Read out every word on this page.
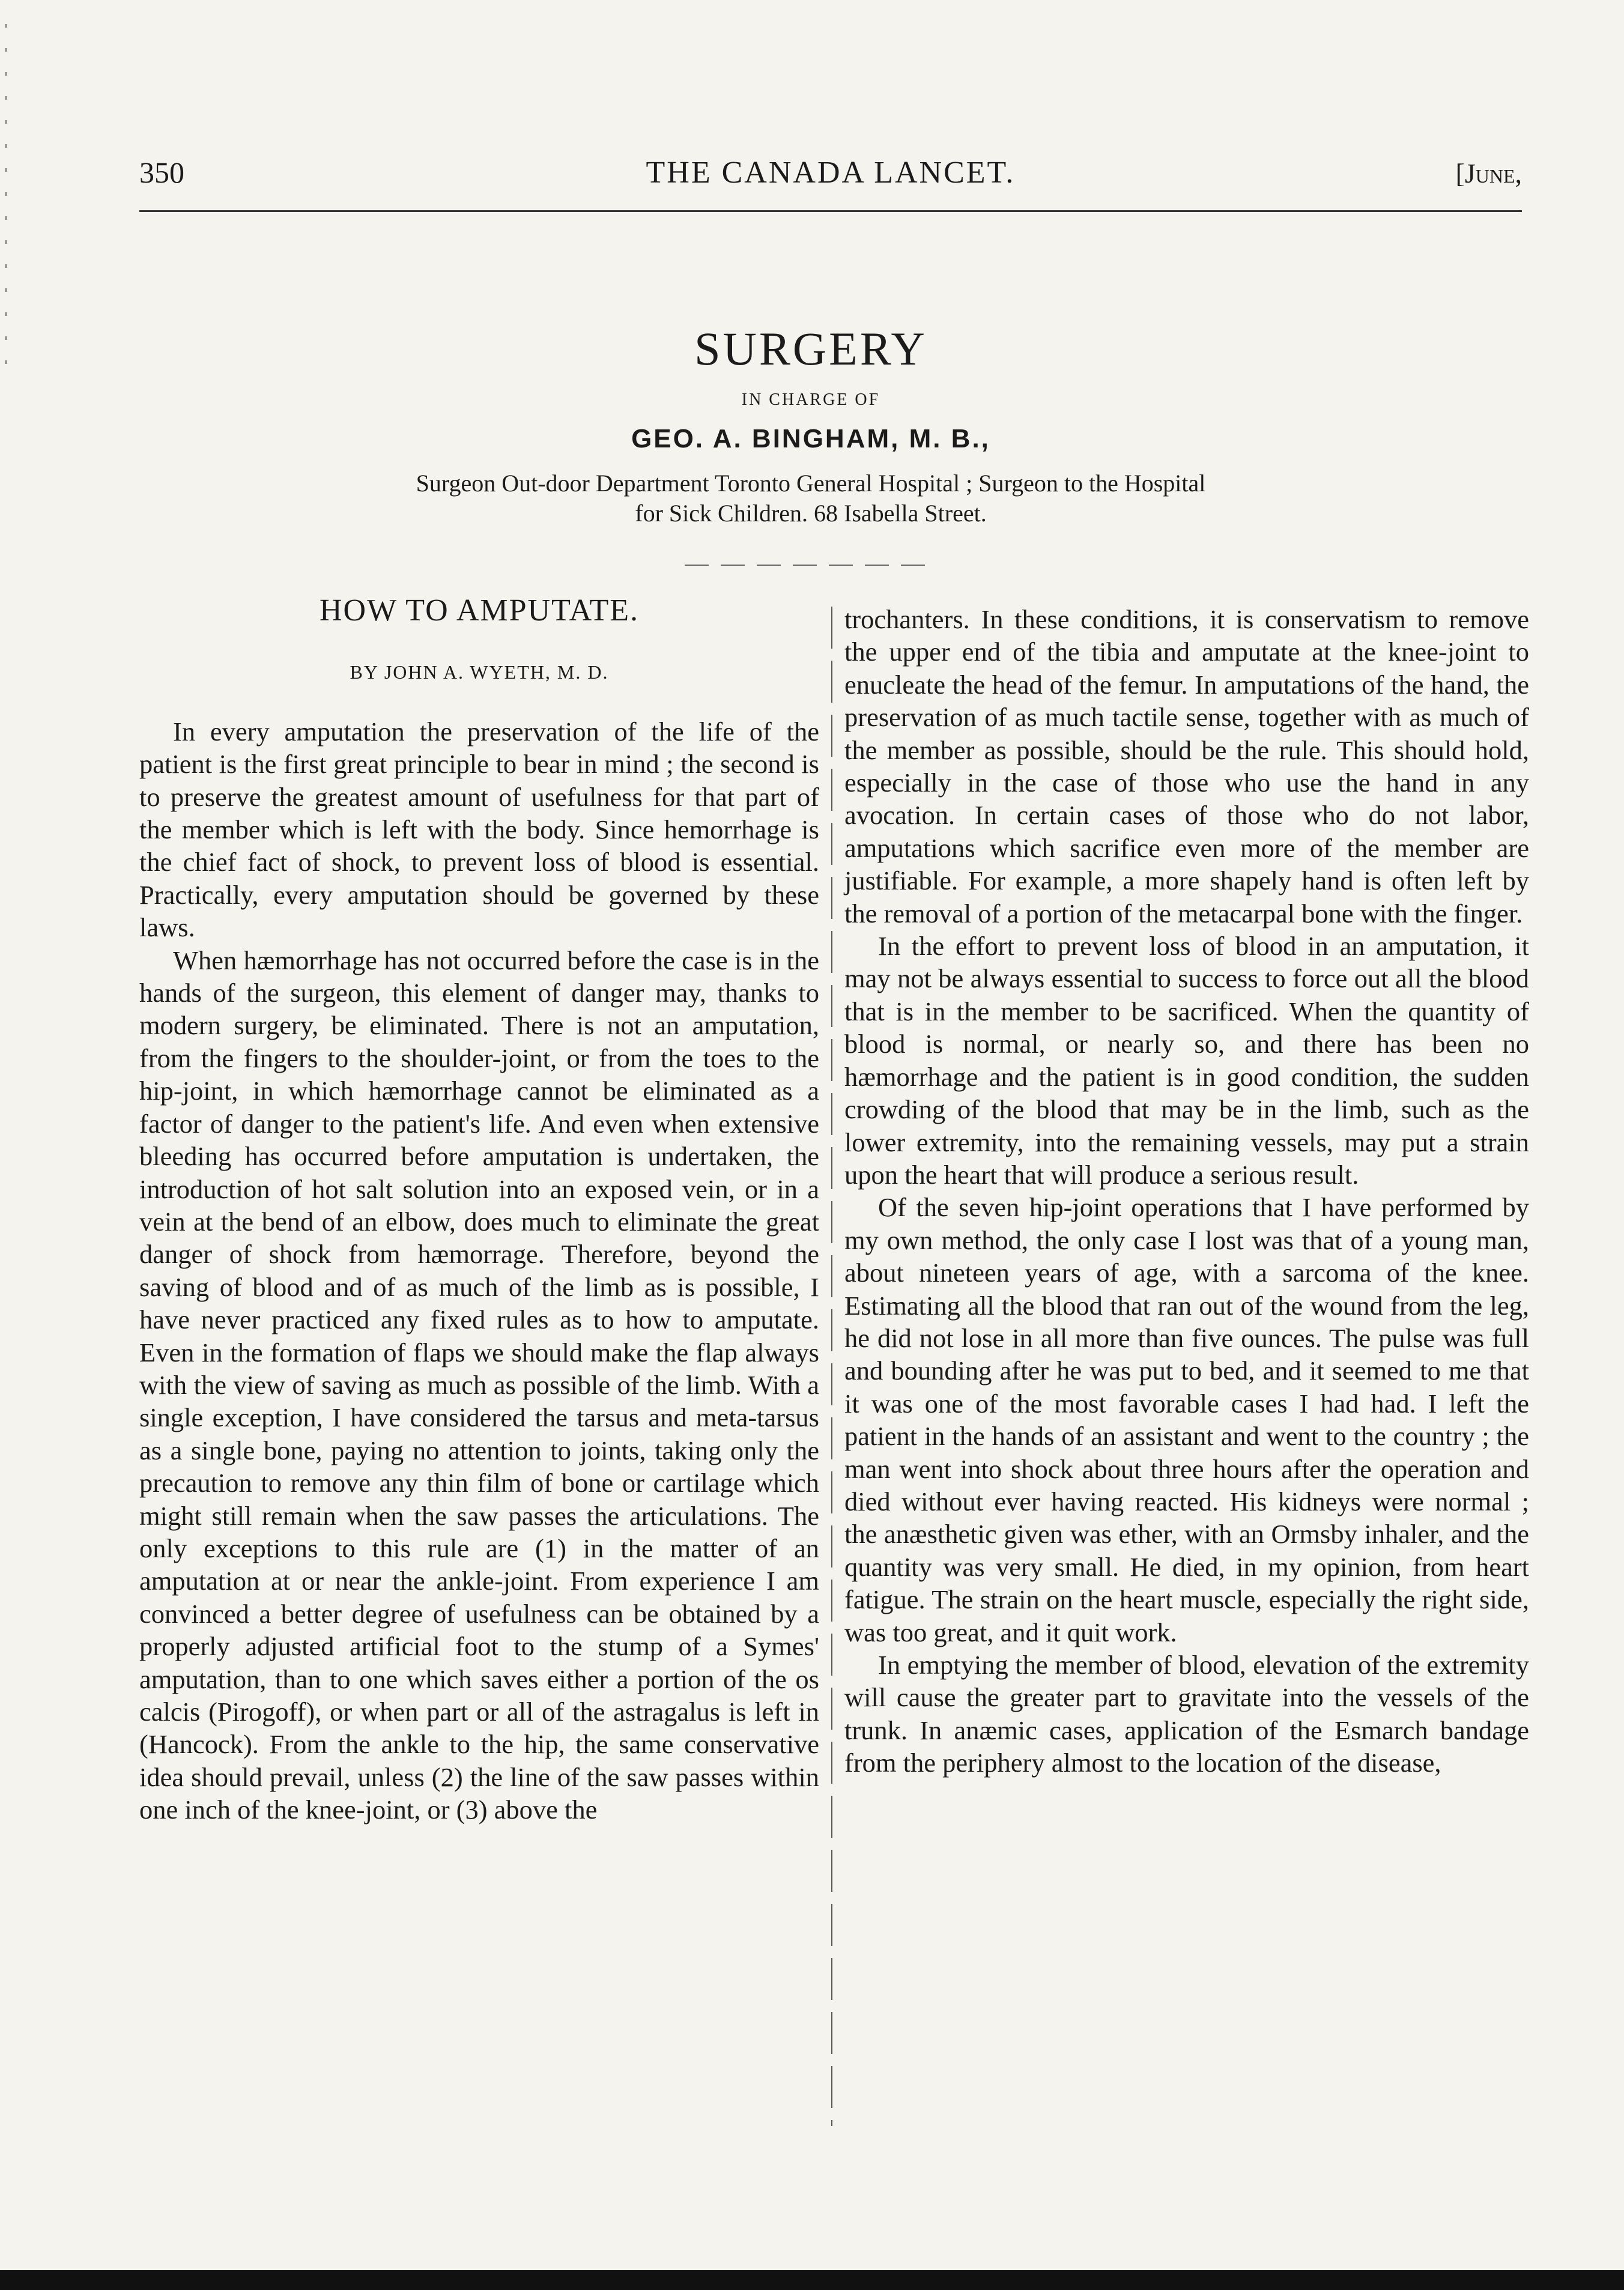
350	THE CANADA LANCET.	[June,
SURGERY
IN CHARGE OF
GEO. A. BINGHAM, M. B.,
Surgeon Out-door Department Toronto General Hospital ; Surgeon to the Hospital
for Sick Children. 68 Isabella Street.
HOW TO AMPUTATE.
BY JOHN A. WYETH, M. D.

In every amputation the preservation of the life of the patient is the first great principle to bear in mind ; the second is to preserve the greatest amount of usefulness for that part of the member which is left with the body. Since hemorrhage is the chief fact of shock, to prevent loss of blood is essential. Practically, every amputation should be governed by these laws.

When hæmorrhage has not occurred before the case is in the hands of the surgeon, this element of danger may, thanks to modern surgery, be eliminated. There is not an amputation, from the fingers to the shoulder-joint, or from the toes to the hip-joint, in which hæmorrhage cannot be eliminated as a factor of danger to the patient's life. And even when extensive bleeding has occurred before amputation is undertaken, the introduction of hot salt solution into an exposed vein, or in a vein at the bend of an elbow, does much to eliminate the great danger of shock from hæmorrage. Therefore, beyond the saving of blood and of as much of the limb as is possible, I have never practiced any fixed rules as to how to amputate. Even in the formation of flaps we should make the flap always with the view of saving as much as possible of the limb. With a single exception, I have considered the tarsus and meta-tarsus as a single bone, paying no attention to joints, taking only the precaution to remove any thin film of bone or cartilage which might still remain when the saw passes the articulations. The only exceptions to this rule are (1) in the matter of an amputation at or near the ankle-joint. From experience I am convinced a better degree of usefulness can be obtained by a properly adjusted artificial foot to the stump of a Symes' amputation, than to one which saves either a portion of the os calcis (Pirogoff), or when part or all of the astragalus is left in (Hancock). From the ankle to the hip, the same conservative idea should prevail, unless (2) the line of the saw passes within one inch of the knee-joint, or (3) above the

trochanters. In these conditions, it is conservatism to remove the upper end of the tibia and amputate at the knee-joint to enucleate the head of the femur. In amputations of the hand, the preservation of as much tactile sense, together with as much of the member as possible, should be the rule. This should hold, especially in the case of those who use the hand in any avocation. In certain cases of those who do not labor, amputations which sacrifice even more of the member are justifiable. For example, a more shapely hand is often left by the removal of a portion of the metacarpal bone with the finger.

In the effort to prevent loss of blood in an amputation, it may not be always essential to success to force out all the blood that is in the member to be sacrificed. When the quantity of blood is normal, or nearly so, and there has been no hæmorrhage and the patient is in good condition, the sudden crowding of the blood that may be in the limb, such as the lower extremity, into the remaining vessels, may put a strain upon the heart that will produce a serious result.

Of the seven hip-joint operations that I have performed by my own method, the only case I lost was that of a young man, about nineteen years of age, with a sarcoma of the knee. Estimating all the blood that ran out of the wound from the leg, he did not lose in all more than five ounces. The pulse was full and bounding after he was put to bed, and it seemed to me that it was one of the most favorable cases I had had. I left the patient in the hands of an assistant and went to the country ; the man went into shock about three hours after the operation and died without ever having reacted. His kidneys were normal ; the anæsthetic given was ether, with an Ormsby inhaler, and the quantity was very small. He died, in my opinion, from heart fatigue. The strain on the heart muscle, especially the right side, was too great, and it quit work.

In emptying the member of blood, elevation of the extremity will cause the greater part to gravitate into the vessels of the trunk. In anæmic cases, application of the Esmarch bandage from the periphery almost to the location of the disease,
